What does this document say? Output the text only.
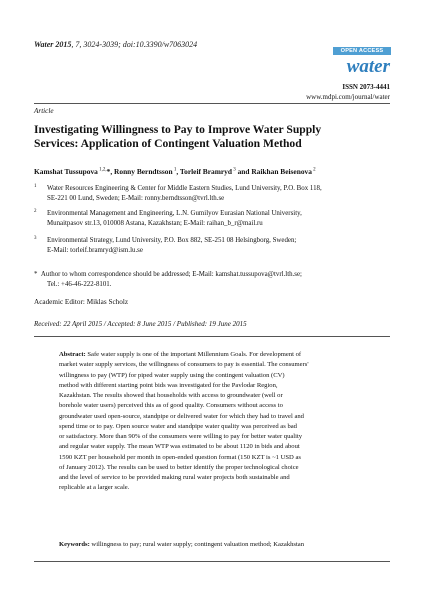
Water 2015, 7, 3024-3039; doi:10.3390/w7063024
OPEN ACCESS
water
ISSN 2073-4441
www.mdpi.com/journal/water
Article
Investigating Willingness to Pay to Improve Water Supply
Services: Application of Contingent Valuation Method
Kamshat Tussupova $^{1,2,}$*, Ronny Berndtsson $^1$, Torleif Bramryd $^3$ and Raikhan Beisenova $^2$
1 Water Resources Engineering & Center for Middle Eastern Studies, Lund University, P.O. Box 118,
SE-221 00 Lund, Sweden; E-Mail: ronny.berndtsson@tvrl.lth.se
2 Environmental Management and Engineering, L.N. Gumilyov Eurasian National University,
Munaitpasov str.13, 010008 Astana, Kazakhstan; E-Mail: raihan_b_r@mail.ru
3 Environmental Strategy, Lund University, P.O. Box 882, SE-251 08 Helsingborg, Sweden;
E-Mail: torleif.bramryd@ism.lu.se
* Author to whom correspondence should be addressed; E-Mail: kamshat.tussupova@tvrl.lth.se;
Tel.: +46-46-222-8101.
Academic Editor: Miklas Scholz
Received: 22 April 2015 / Accepted: 8 June 2015 / Published: 19 June 2015
Abstract: Safe water supply is one of the important Millennium Goals. For development of
market water supply services, the willingness of consumers to pay is essential. The consumers'
willingness to pay (WTP) for piped water supply using the contingent valuation (CV)
method with different starting point bids was investigated for the Pavlodar Region,
Kazakhstan. The results showed that households with access to groundwater (well or
borehole water users) perceived this as of good quality. Consumers without access to
groundwater used open-source, standpipe or delivered water for which they had to travel and
spend time or to pay. Open source water and standpipe water quality was perceived as bad
or satisfactory. More than 90% of the consumers were willing to pay for better water quality
and regular water supply. The mean WTP was estimated to be about 1120 in bids and about
1590 KZT per household per month in open-ended question format (150 KZT is ~1 USD as
of January 2012). The results can be used to better identify the proper technological choice
and the level of service to be provided making rural water projects both sustainable and
replicable at a larger scale.
Keywords: willingness to pay; rural water supply; contingent valuation method; Kazakhstan
